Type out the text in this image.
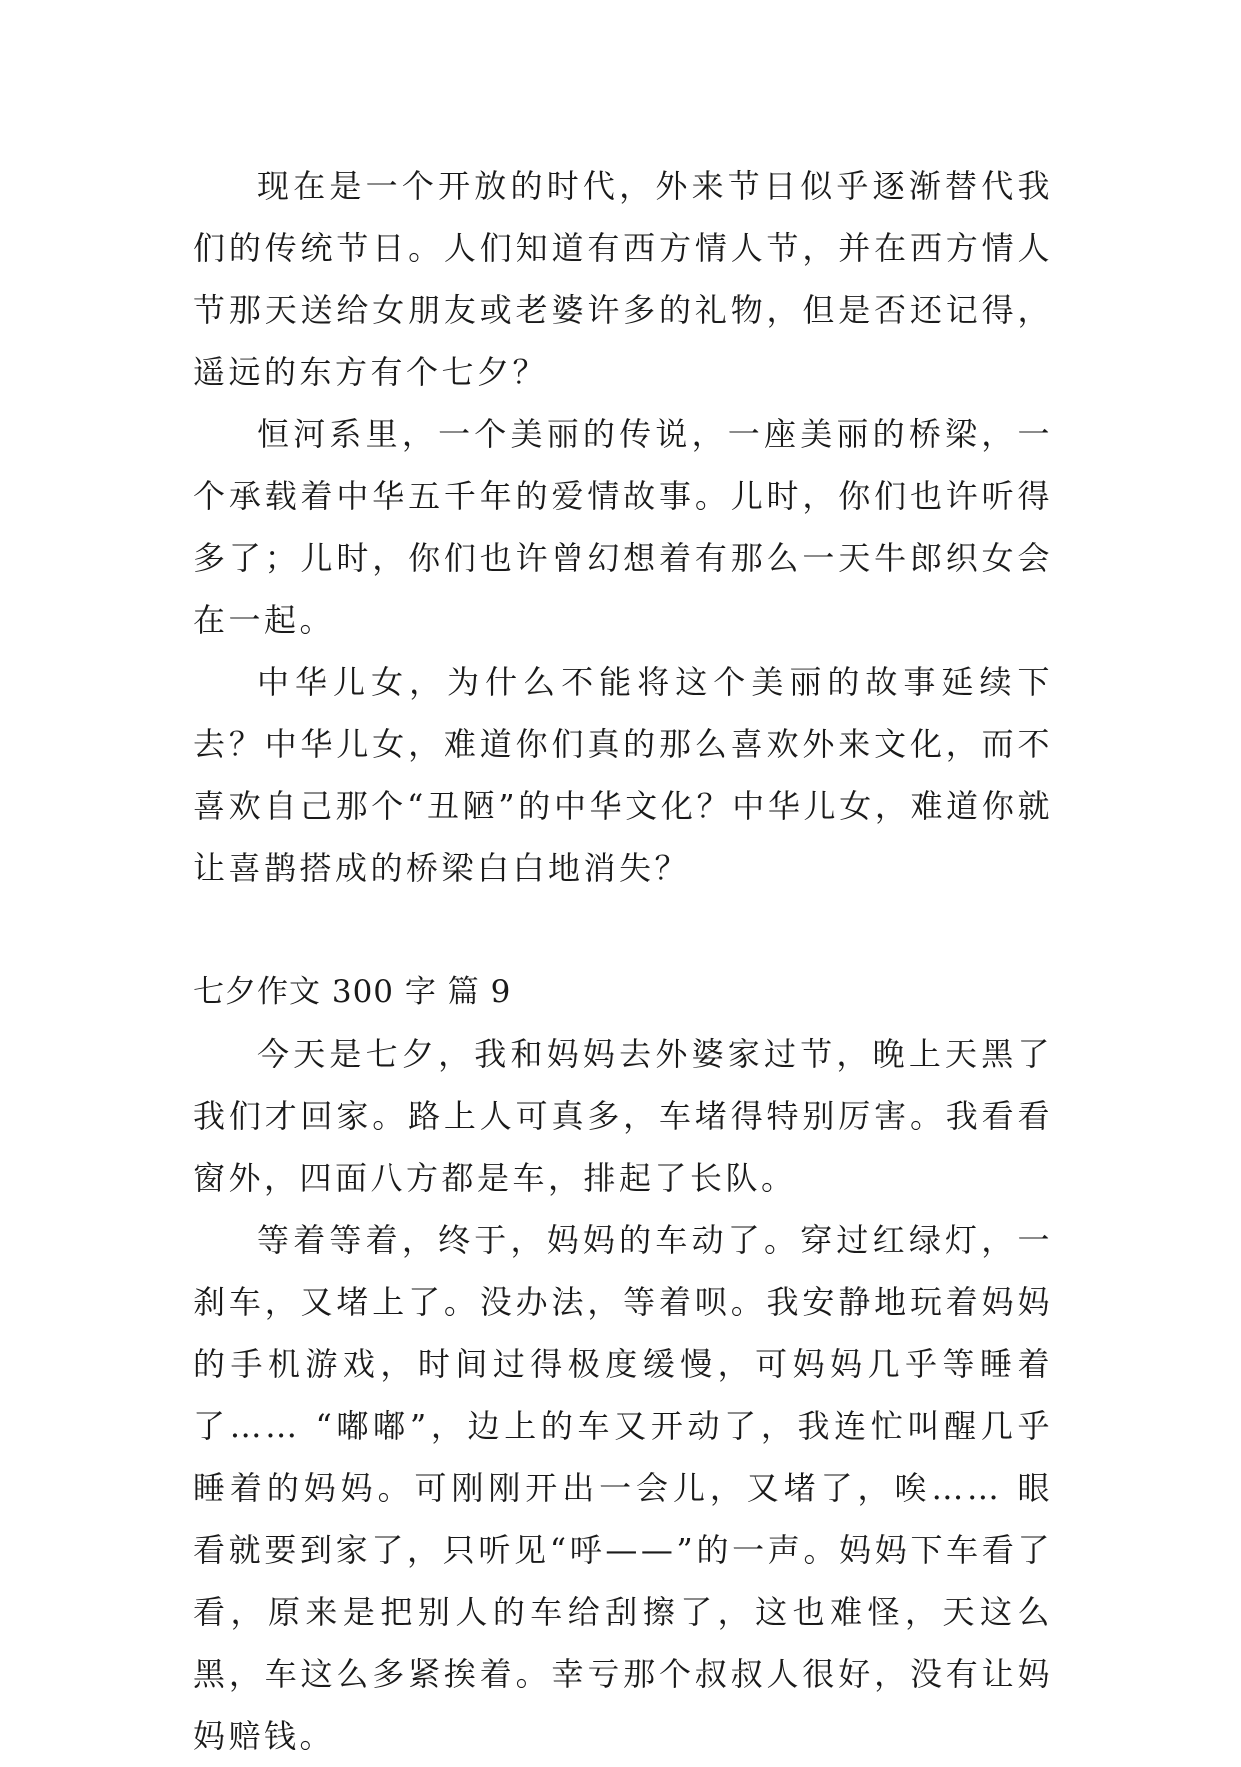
现在是一个开放的时代，外来节日似乎逐渐替代我们的传统节日。人们知道有西方情人节，并在西方情人节那天送给女朋友或老婆许多的礼物，但是否还记得，遥远的东方有个七夕？

恒河系里，一个美丽的传说，一座美丽的桥梁，一个承载着中华五千年的爱情故事。儿时，你们也许听得多了；儿时，你们也许曾幻想着有那么一天牛郎织女会在一起。

中华儿女，为什么不能将这个美丽的故事延续下去？中华儿女，难道你们真的那么喜欢外来文化，而不喜欢自己那个“丑陋”的中华文化？中华儿女，难道你就让喜鹊搭成的桥梁白白地消失？

七夕作文 300 字 篇 9

今天是七夕，我和妈妈去外婆家过节，晚上天黑了我们才回家。路上人可真多，车堵得特别厉害。我看看窗外，四面八方都是车，排起了长队。

等着等着，终于，妈妈的车动了。穿过红绿灯，一刹车，又堵上了。没办法，等着呗。我安静地玩着妈妈的手机游戏，时间过得极度缓慢，可妈妈几乎等睡着了…… “嘟嘟”，边上的车又开动了，我连忙叫醒几乎睡着的妈妈。可刚刚开出一会儿，又堵了，唉…… 眼看就要到家了，只听见“呼——”的一声。妈妈下车看了看，原来是把别人的车给刮擦了，这也难怪，天这么黑，车这么多紧挨着。幸亏那个叔叔人很好，没有让妈妈赔钱。
